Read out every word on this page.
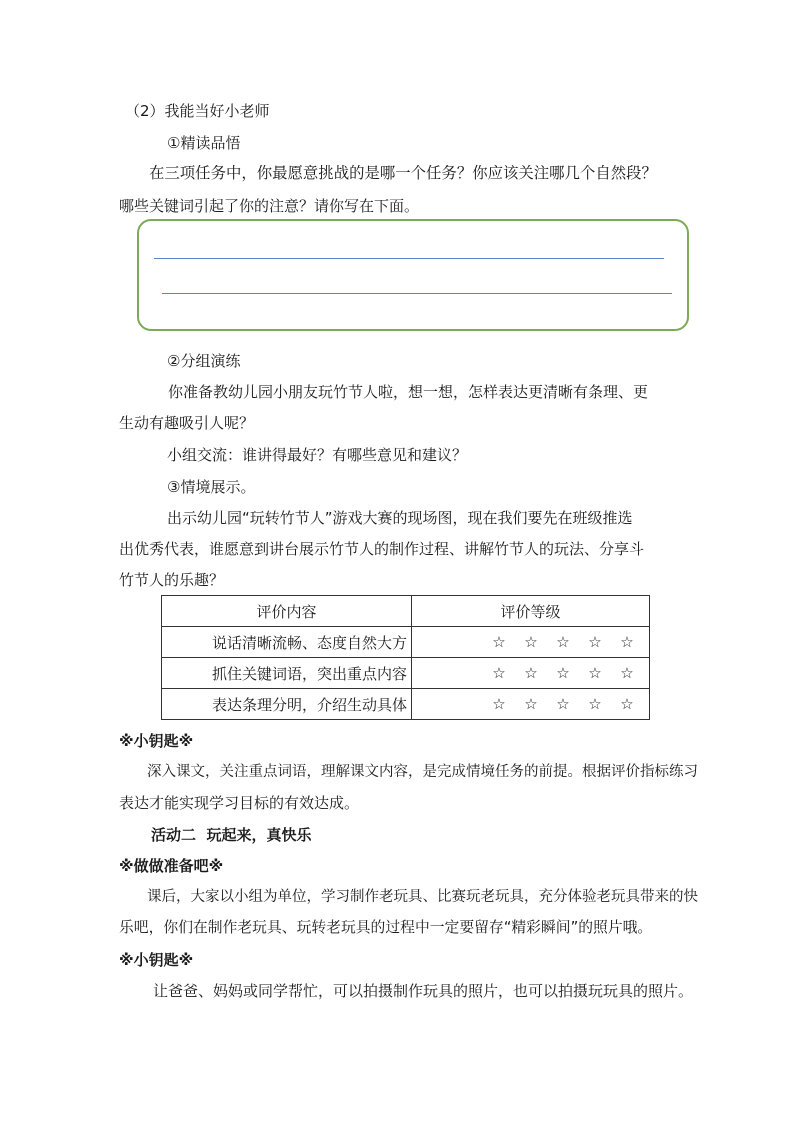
（2）我能当好小老师
①精读品悟
在三项任务中，你最愿意挑战的是哪一个任务？你应该关注哪几个自然段？
哪些关键词引起了你的注意？请你写在下面。
②分组演练
你准备教幼儿园小朋友玩竹节人啦，想一想，怎样表达更清晰有条理、更
生动有趣吸引人呢？
小组交流：谁讲得最好？有哪些意见和建议？
③情境展示。
出示幼儿园“玩转竹节人”游戏大赛的现场图，现在我们要先在班级推选
出优秀代表，谁愿意到讲台展示竹节人的制作过程、讲解竹节人的玩法、分享斗
竹节人的乐趣？
评价内容	评价等级
说话清晰流畅、态度自然大方	☆ ☆ ☆ ☆ ☆
抓住关键词语，突出重点内容	☆ ☆ ☆ ☆ ☆
表达条理分明，介绍生动具体	☆ ☆ ☆ ☆ ☆
※小钥匙※
深入课文，关注重点词语，理解课文内容，是完成情境任务的前提。根据评价指标练习
表达才能实现学习目标的有效达成。
活动二  玩起来，真快乐
※做做准备吧※
课后，大家以小组为单位，学习制作老玩具、比赛玩老玩具，充分体验老玩具带来的快
乐吧，你们在制作老玩具、玩转老玩具的过程中一定要留存“精彩瞬间”的照片哦。
※小钥匙※
让爸爸、妈妈或同学帮忙，可以拍摄制作玩具的照片，也可以拍摄玩玩具的照片。
